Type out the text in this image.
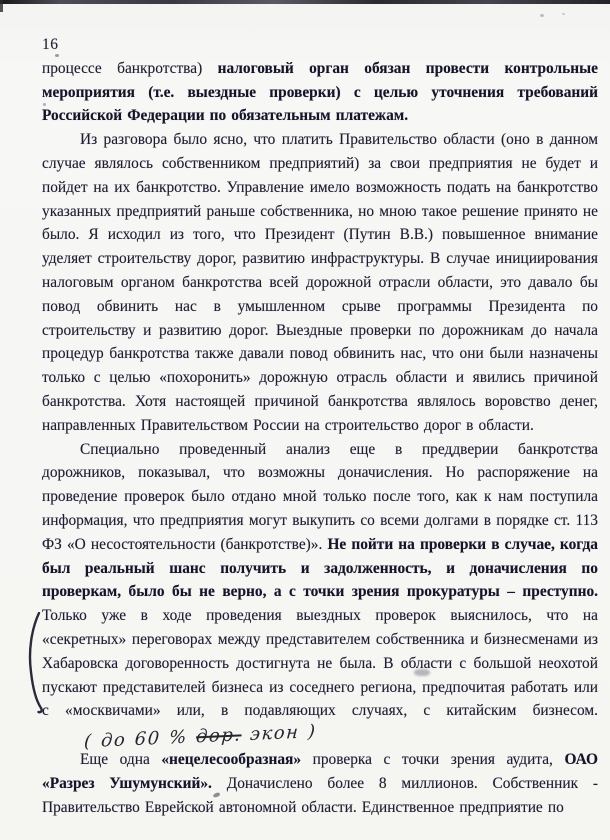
16

процессе банкротства) налоговый орган обязан провести контрольные мероприятия (т.е. выездные проверки) с целью уточнения требований Российской Федерации по обязательным платежам.

Из разговора было ясно, что платить Правительство области (оно в данном случае являлось собственником предприятий) за свои предприятия не будет и пойдет на их банкротство. Управление имело возможность подать на банкротство указанных предприятий раньше собственника, но мною такое решение принято не было. Я исходил из того, что Президент (Путин В.В.) повышенное внимание уделяет строительству дорог, развитию инфраструктуры. В случае инициирования налоговым органом банкротства всей дорожной отрасли области, это давало бы повод обвинить нас в умышленном срыве программы Президента по строительству и развитию дорог. Выездные проверки по дорожникам до начала процедур банкротства также давали повод обвинить нас, что они были назначены только с целью «похоронить» дорожную отрасль области и явились причиной банкротства. Хотя настоящей причиной банкротства являлось воровство денег, направленных Правительством России на строительство дорог в области.

Специально проведенный анализ еще в преддверии банкротства дорожников, показывал, что возможны доначисления. Но распоряжение на проведение проверок было отдано мной только после того, как к нам поступила информация, что предприятия могут выкупить со всеми долгами в порядке ст. 113 ФЗ «О несостоятельности (банкротстве)». Не пойти на проверки в случае, когда был реальный шанс получить и задолженность, и доначисления по проверкам, было бы не верно, а с точки зрения прокуратуры – преступно. Только уже в ходе проведения выездных проверок выяснилось, что на «секретных» переговорах между представителем собственника и бизнесменами из Хабаровска договоренность достигнута не была. В области с большой неохотой пускают представителей бизнеса из соседнего региона, предпочитая работать или с «москвичами» или, в подавляющих случаях, с китайским бизнесом. ( до 60 % дор. экон )

Еще одна «нецелесообразная» проверка с точки зрения аудита, ОАО «Разрез Ушумунский». Доначислено более 8 миллионов. Собственник - Правительство Еврейской автономной области. Единственное предприятие по
